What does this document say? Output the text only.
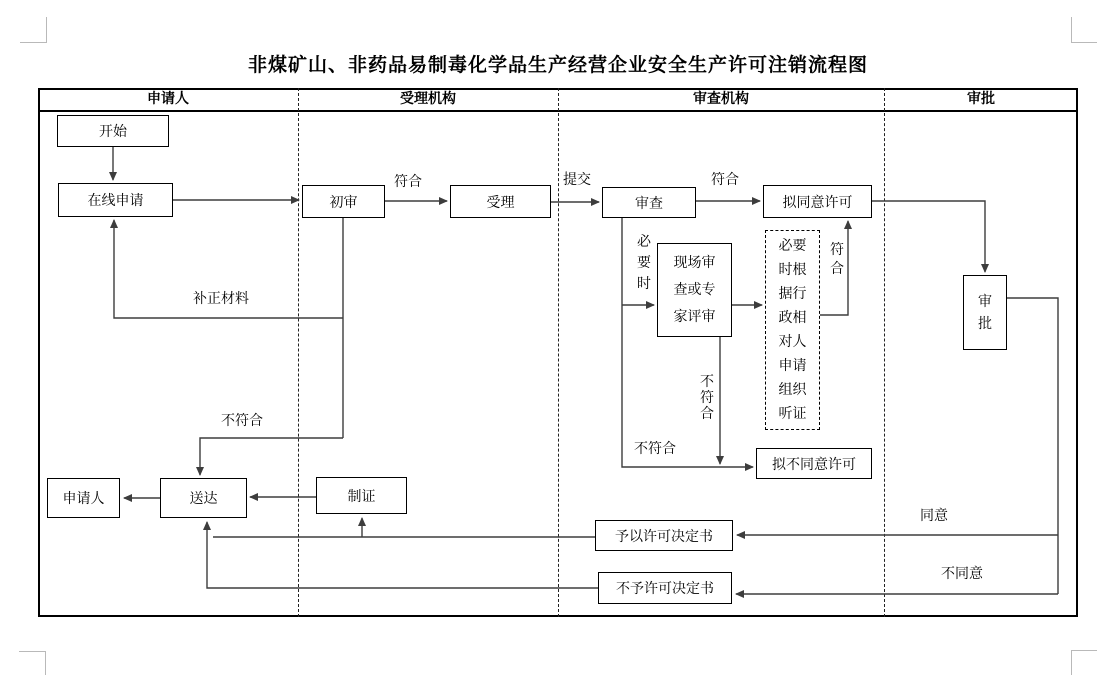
非煤矿山、非药品易制毒化学品生产经营企业安全生产许可注销流程图
申请人	受理机构	审查机构	审批
开始
在线申请	初审	受理	审查	拟同意许可
现场审查或专家评审
必要时根据行政相对人申请组织听证
审批
拟不同意许可
申请人	送达	制证
予以许可决定书
不予许可决定书
符合	提交	符合
必要时
符合
不符合
不符合
补正材料
不符合
同意
不同意
